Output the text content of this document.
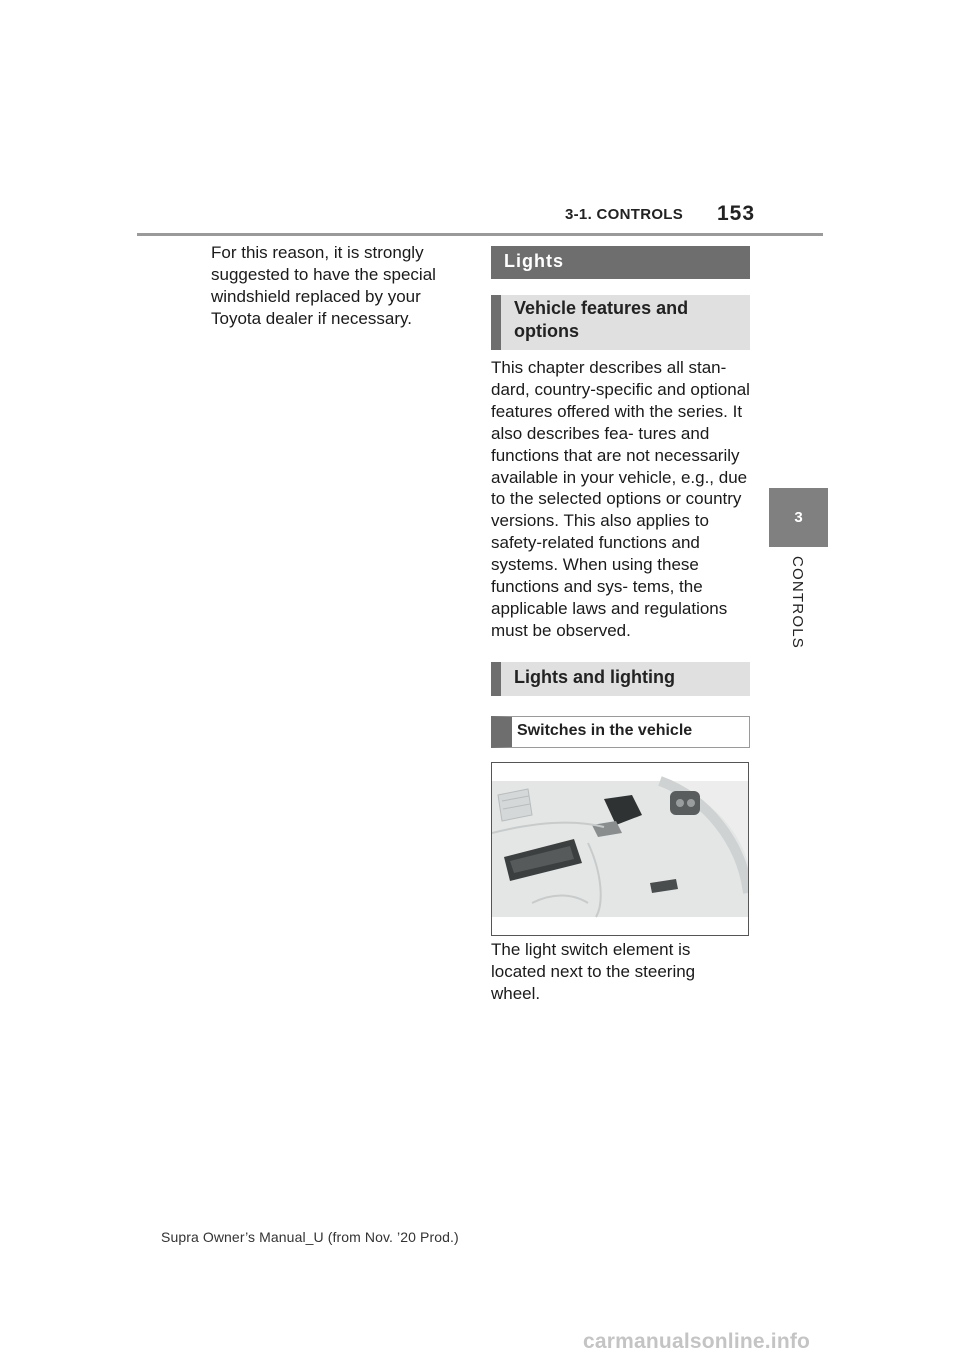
3-1. CONTROLS 153
3
CONTROLS
For this reason, it is strongly suggested to have the special windshield replaced by your Toyota dealer if necessary.
Lights
Vehicle features and options
This chapter describes all stan- dard, country-specific and optional features offered with the series. It also describes fea- tures and functions that are not necessarily available in your vehicle, e.g., due to the selected options or country versions. This also applies to safety-related functions and systems. When using these functions and sys- tems, the applicable laws and regulations must be observed.
Lights and lighting
Switches in the vehicle
The light switch element is located next to the steering wheel.
Supra Owner’s Manual_U (from Nov. ’20 Prod.)
carmanualsonline.info
